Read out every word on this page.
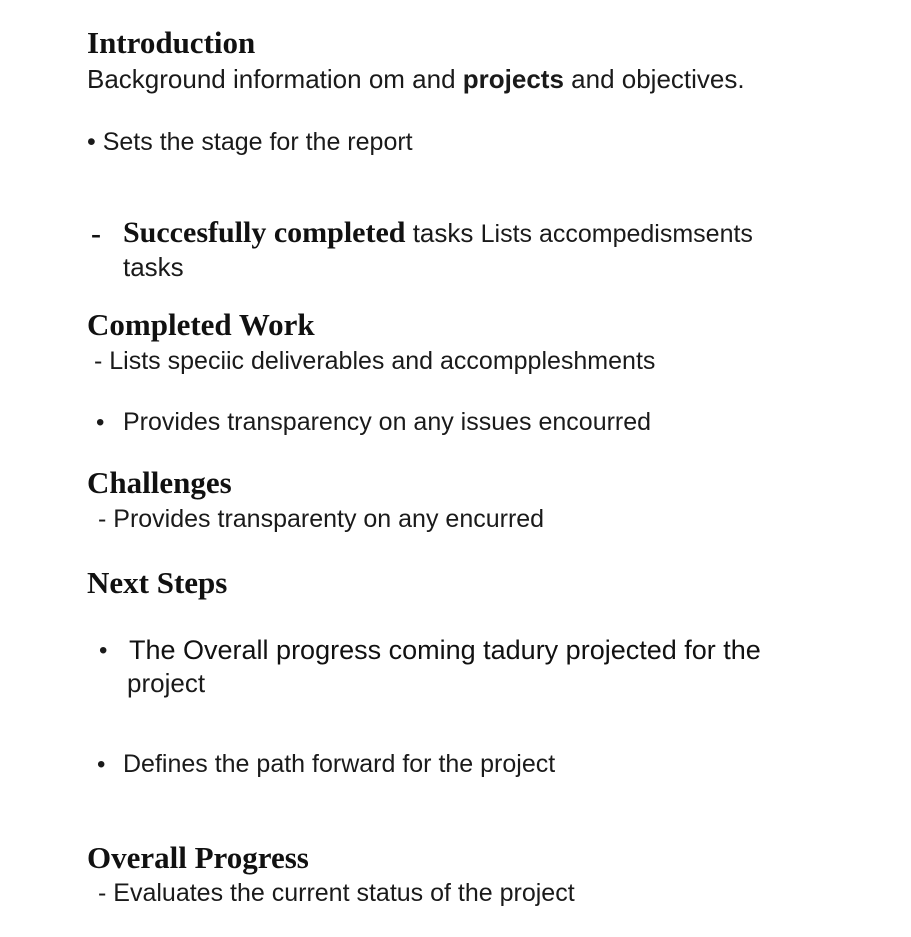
Introduction
Background information om and projects and objectives.
• Sets the stage for the report
- Succesfully completed tasks Lists accompedismsents
tasks
Completed Work
- Lists speciic deliverables and accomppleshments
• Provides transparency on any issues encourred
Challenges
- Provides transparenty on any encurred
Next Steps
• The Overall progress coming tadury projected for the
project
• Defines the path forward for the project
Overall Progress
- Evaluates the current status of the project
